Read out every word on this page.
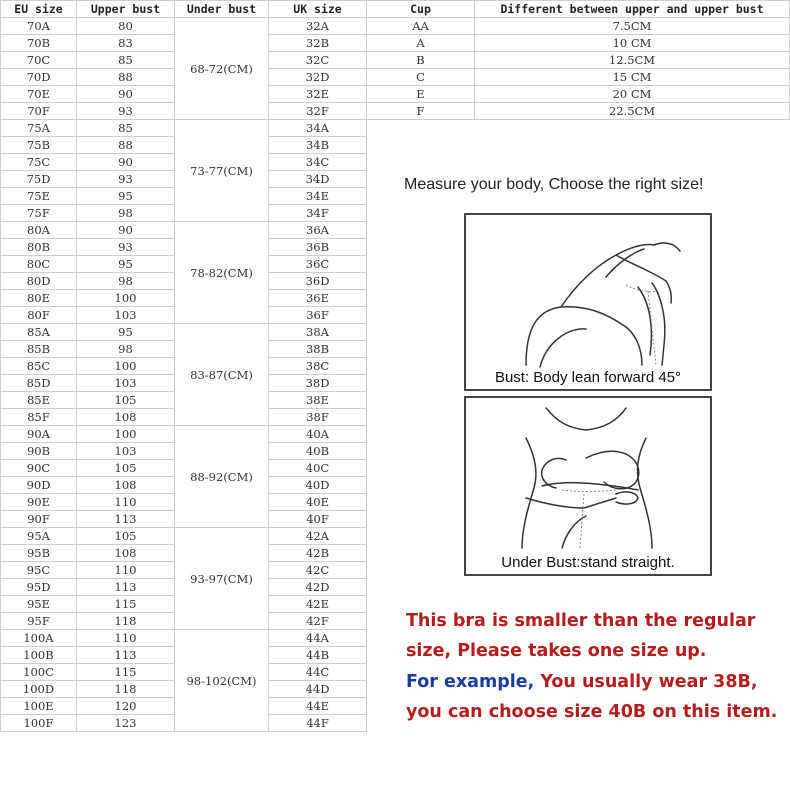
EU size	Upper bust	Under bust	UK size	Cup	Different between upper and upper bust
70A	80	68-72(CM)	32A	AA	7.5CM
70B	83		32B	A	10 CM
70C	85		32C	B	12.5CM
70D	88		32D	C	15 CM
70E	90		32E	E	20 CM
70F	93		32F	F	22.5CM
75A	85	73-77(CM)	34A		
75B	88		34B		
75C	90		34C		
75D	93		34D		
75E	95		34E		
75F	98		34F		
80A	90	78-82(CM)	36A		
80B	93		36B		
80C	95		36C		
80D	98		36D		
80E	100		36E		
80F	103		36F		
85A	95	83-87(CM)	38A		
85B	98		38B		
85C	100		38C		
85D	103		38D		
85E	105		38E		
85F	108		38F		
90A	100	88-92(CM)	40A		
90B	103		40B		
90C	105		40C		
90D	108		40D		
90E	110		40E		
90F	113		40F		
95A	105	93-97(CM)	42A		
95B	108		42B		
95C	110		42C		
95D	113		42D		
95E	115		42E		
95F	118		42F		
100A	110	98-102(CM)	44A		
100B	113		44B		
100C	115		44C		
100D	118		44D		
100E	120		44E		
100F	123		44F		
Measure your body, Choose the right size!
Bust: Body lean forward 45°
Under Bust:stand straight.
This bra is smaller than the regular
size, Please takes one size up.
For example, You usually wear 38B,
you can choose size 40B on this item.
